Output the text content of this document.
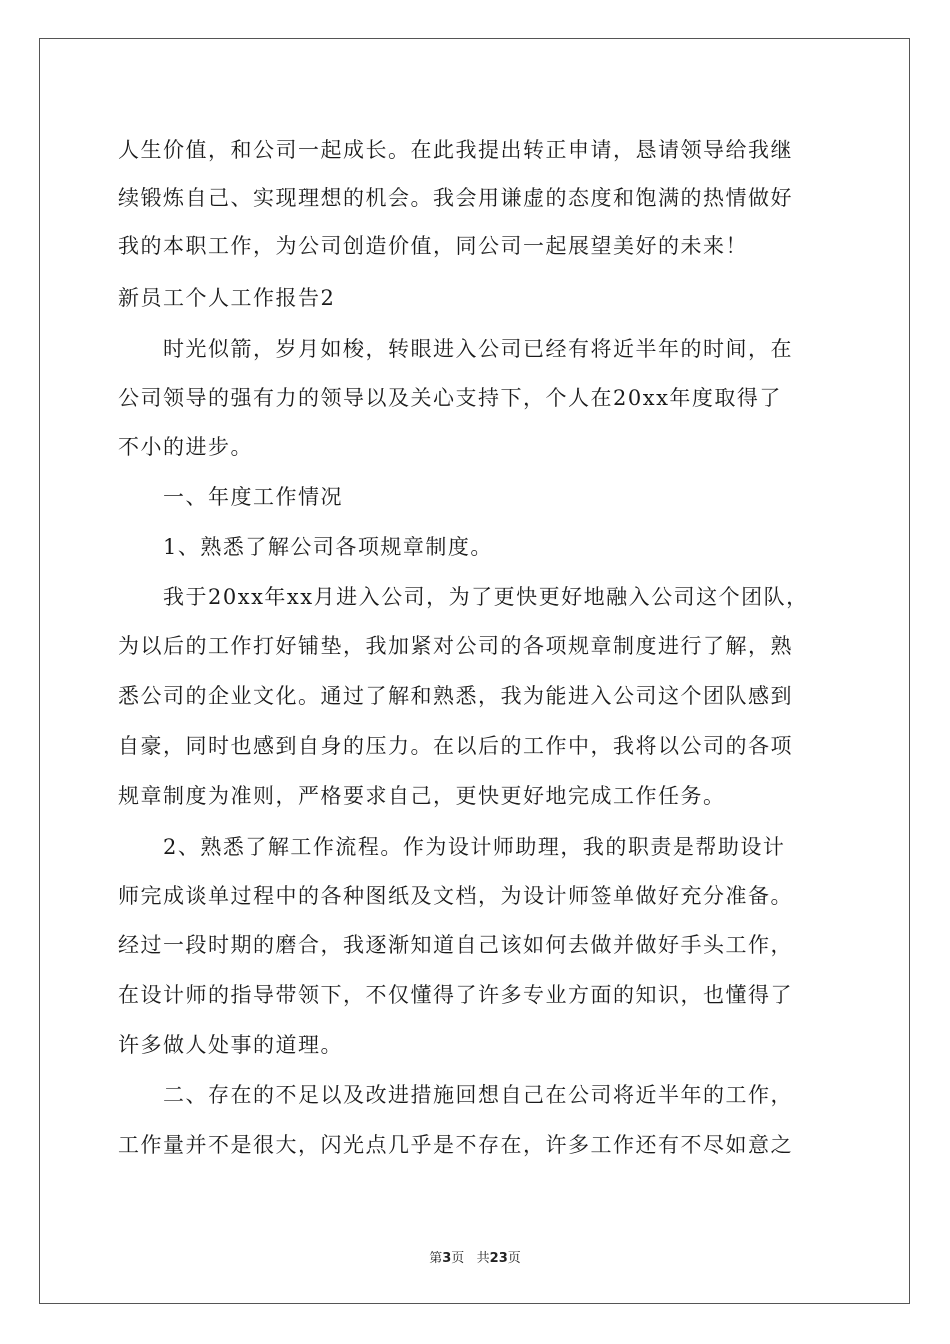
人生价值，和公司一起成长。在此我提出转正申请，恳请领导给我继
续锻炼自己、实现理想的机会。我会用谦虚的态度和饱满的热情做好
我的本职工作，为公司创造价值，同公司一起展望美好的未来！
新员工个人工作报告2
时光似箭，岁月如梭，转眼进入公司已经有将近半年的时间，在
公司领导的强有力的领导以及关心支持下，个人在20xx年度取得了
不小的进步。
一、年度工作情况
1、熟悉了解公司各项规章制度。
我于20xx年xx月进入公司，为了更快更好地融入公司这个团队，
为以后的工作打好铺垫，我加紧对公司的各项规章制度进行了解，熟
悉公司的企业文化。通过了解和熟悉，我为能进入公司这个团队感到
自豪，同时也感到自身的压力。在以后的工作中，我将以公司的各项
规章制度为准则，严格要求自己，更快更好地完成工作任务。
2、熟悉了解工作流程。作为设计师助理，我的职责是帮助设计
师完成谈单过程中的各种图纸及文档，为设计师签单做好充分准备。
经过一段时期的磨合，我逐渐知道自己该如何去做并做好手头工作，
在设计师的指导带领下，不仅懂得了许多专业方面的知识，也懂得了
许多做人处事的道理。
二、存在的不足以及改进措施回想自己在公司将近半年的工作，
工作量并不是很大，闪光点几乎是不存在，许多工作还有不尽如意之
第3页   共23页
